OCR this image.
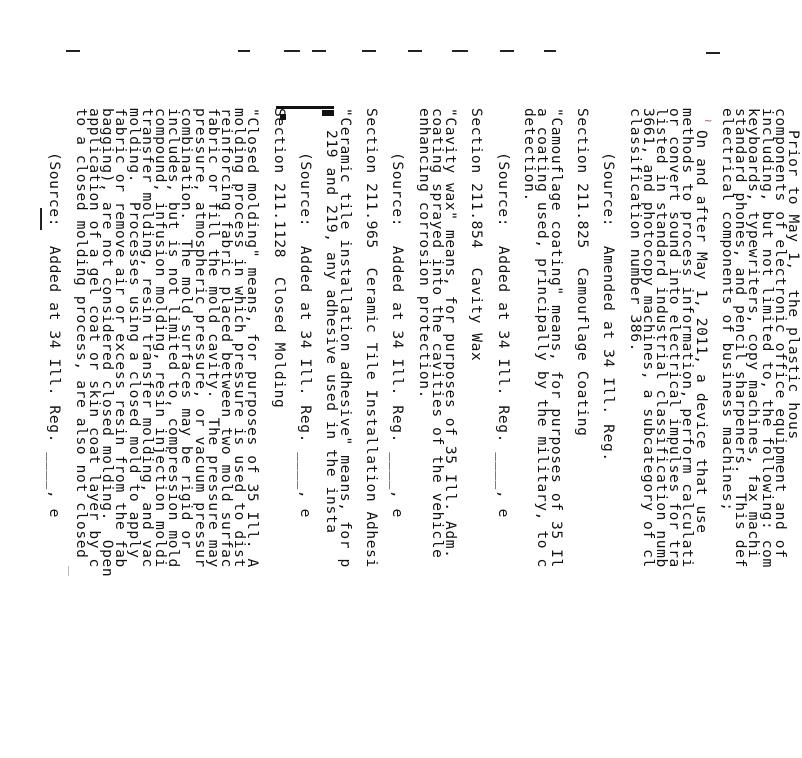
~
Prior to May 1,  the plastic hous
components of electronic office equipment and of
including, but not limited to, the following: com
keyboards, typewriters, copy machines, fax machi
standard phones, and pencil sharpeners.  This def
electrical components of business machines;
On and after May 1, 2011, a device that use
methods to process information, perform calculati
or convert sound into electrical impulses for tra
listed in standard industrial classification numb
3661, and photocopy machines, a subcategory of cl
classification number 386.
(Source:  Amended at 34 Ill. Reg.
Section 211.825  Camouflage Coating
"Camouflage coating" means, for purposes of 35 Il
a coating used, principally by the military, to c
detection.
(Source:  Added at 34 Ill. Reg. ____, e
Section 211.854  Cavity Wax
"Cavity wax" means, for purposes of 35 Ill. Adm.
coating sprayed into the cavities of the vehicle
enhancing corrosion protection.
(Source:  Added at 34 Ill. Reg. ____, e
Section 211.965  Ceramic Tile Installation Adhesi
"Ceramic tile installation adhesive" means, for p
219 and 219, any adhesive used in the insta
(Source:  Added at 34 Ill. Reg. ____, e
Section 211.1128  Closed Molding
"Closed molding" means, for purposes of 35 Ill. A
molding process in which pressure is used to dist
reinforcing fabric placed between two mold surfac
fabric or fill the mold cavity.  The pressure may
pressure, atmospheric pressure, or vacuum pressur
combination.  The mold surfaces may be rigid or
includes, but is not limited to, compression mold
compound, infusion molding, resin injection moldi
transfer molding, resin transfer molding, and vac
molding.  Processes using a closed mold to apply
fabric or remove air or excess resin from the fab
bagging), are not considered closed molding.  Open
application of a gel coat or skin coat layer by c
to a closed molding process, are also not closed
(Source:  Added at 34 Ill. Reg. ____, e
